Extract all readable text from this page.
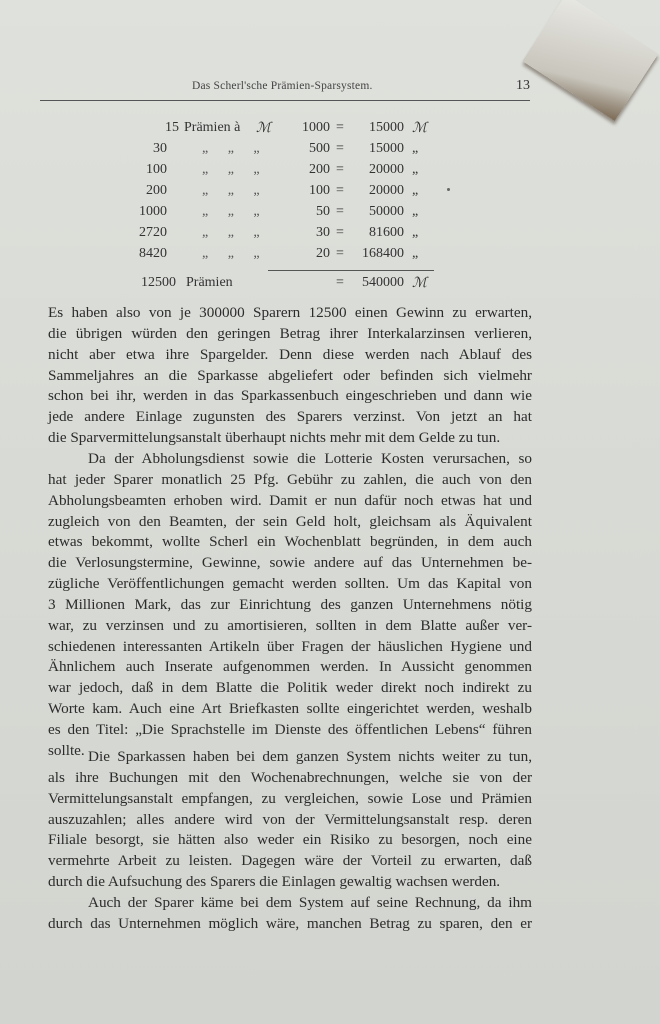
Das Scherl'sche Prämien-Sparsystem.	13
15 Prämien à ℳ	1000 =	15000 ℳ
30	„ „ „	500 =	15000 „
100	„ „ „	200 =	20000 „
200	„ „ „	100 =	20000 „
1000	„ „ „	50 =	50000 „
2720	„ „ „	30 =	81600 „
8420	„ „ „	20 =	168400 „
12500 Prämien	=	540000 ℳ

Es haben also von je 300000 Sparern 12500 einen Gewinn zu erwarten,
die übrigen würden den geringen Betrag ihrer Interkalarzinsen verlieren,
nicht aber etwa ihre Spargelder. Denn diese werden nach Ablauf des
Sammeljahres an die Sparkasse abgeliefert oder befinden sich vielmehr
schon bei ihr, werden in das Sparkassenbuch eingeschrieben und dann wie
jede andere Einlage zugunsten des Sparers verzinst. Von jetzt an hat
die Sparvermittelungsanstalt überhaupt nichts mehr mit dem Gelde zu tun.

Da der Abholungsdienst sowie die Lotterie Kosten verursachen, so
hat jeder Sparer monatlich 25 Pfg. Gebühr zu zahlen, die auch von den
Abholungsbeamten erhoben wird. Damit er nun dafür noch etwas hat und
zugleich von den Beamten, der sein Geld holt, gleichsam als Äquivalent
etwas bekommt, wollte Scherl ein Wochenblatt begründen, in dem auch
die Verlosungstermine, Gewinne, sowie andere auf das Unternehmen be-
zügliche Veröffentlichungen gemacht werden sollten. Um das Kapital von
3 Millionen Mark, das zur Einrichtung des ganzen Unternehmens nötig
war, zu verzinsen und zu amortisieren, sollten in dem Blatte außer ver-
schiedenen interessanten Artikeln über Fragen der häuslichen Hygiene und
Ähnlichem auch Inserate aufgenommen werden. In Aussicht genommen
war jedoch, daß in dem Blatte die Politik weder direkt noch indirekt zu
Worte kam. Auch eine Art Briefkasten sollte eingerichtet werden, weshalb
es den Titel: „Die Sprachstelle im Dienste des öffentlichen Lebens“ führen
sollte. Die Sparkassen haben bei dem ganzen System nichts weiter zu tun,
als ihre Buchungen mit den Wochenabrechnungen, welche sie von der
Vermittelungsanstalt empfangen, zu vergleichen, sowie Lose und Prämien
auszuzahlen; alles andere wird von der Vermittelungsanstalt resp. deren
Filiale besorgt, sie hätten also weder ein Risiko zu besorgen, noch eine
vermehrte Arbeit zu leisten. Dagegen wäre der Vorteil zu erwarten, daß
durch die Aufsuchung des Sparers die Einlagen gewaltig wachsen werden.

Auch der Sparer käme bei dem System auf seine Rechnung, da ihm
durch das Unternehmen möglich wäre, manchen Betrag zu sparen, den er
